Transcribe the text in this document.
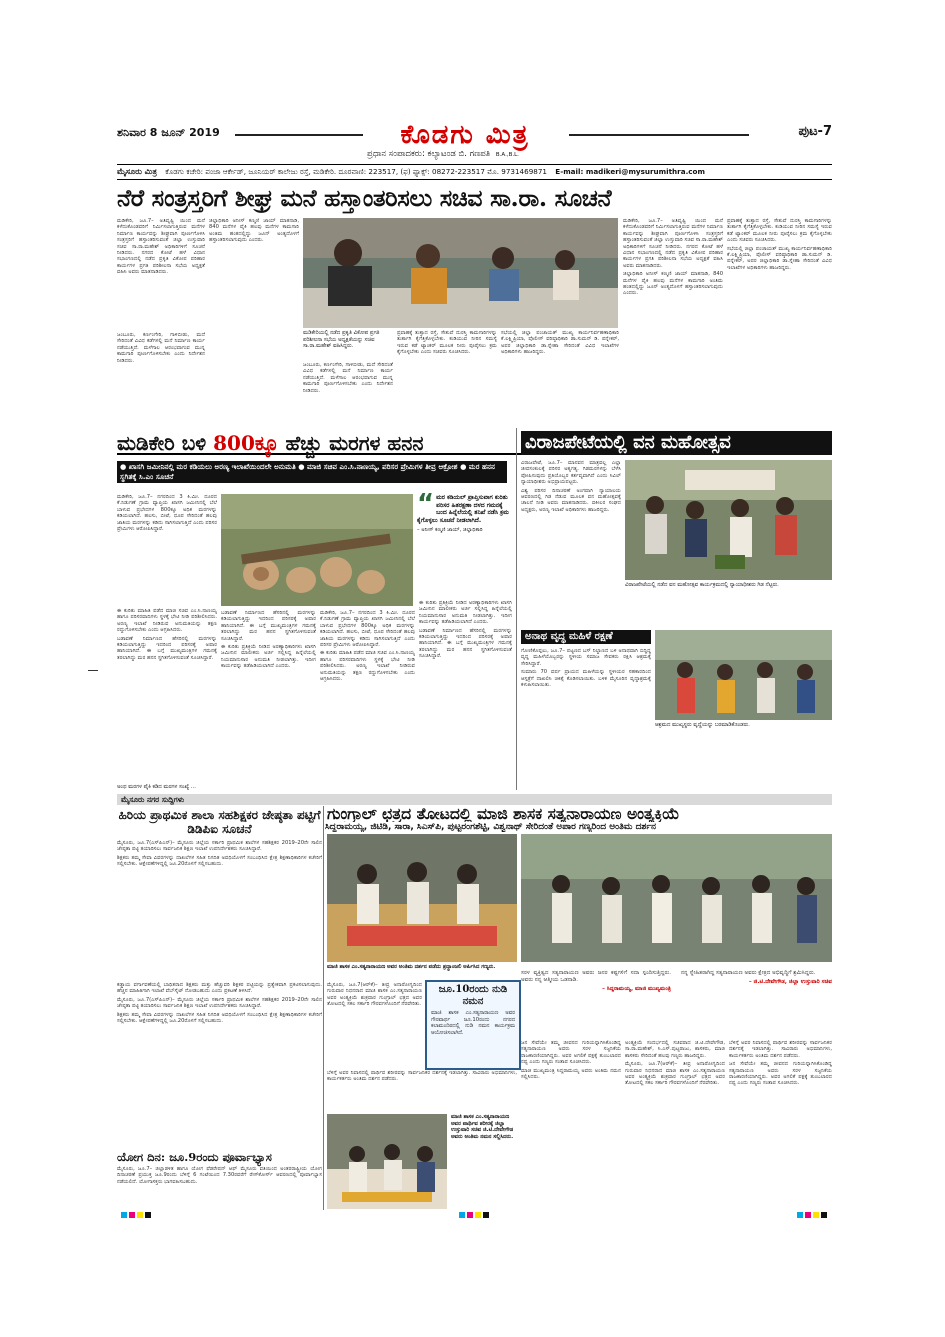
ಶನಿವಾರ 8 ಜೂನ್ 2019	ಕೊಡಗು ಮಿತ್ರ	ಪುಟ-7
ಪ್ರಧಾನ ಸಂಪಾದಕರು: ಕಲ್ಯಾಟಂಡ ಬಿ. ಗಣಪತಿ B.A.,B.L.
ಮೈಸೂರು ಮಿತ್ರ ಕೊಡಗು ಕಚೇರಿ: ಪಂಜಾ ಆರ್ಕೇಡ್, ಜೂನಿಯರ್ ಕಾಲೇಜು ರಸ್ತೆ, ಮಡಿಕೇರಿ. ದೂರವಾಣಿ: 223517, (ಫ) ಫ್ಯಾಕ್ಸ್: 08272-223517 ಮೊ. 9731469871 E-mail: madikeri@mysurumithra.com
ನೆರೆ ಸಂತ್ರಸ್ತರಿಗೆ ಶೀಘ್ರ ಮನೆ ಹಸ್ತಾಂತರಿಸಲು ಸಚಿವ ಸಾ.ರಾ. ಸೂಚನೆ

ಮಡಿಕೇರಿ, ಜೂ.7– ಅತಿವೃಷ್ಟಿ ಯಿಂದ ಮನೆ ಕಳೆದುಕೊಂಡವರಿಗೆ ನಿರ್ಮಿಸಲಾಗುತ್ತಿರುವ ಮನೆಗಳ ನಿರ್ಮಾಣ ಕಾರ್ಯವನ್ನು ಶೀಘ್ರವಾಗಿ ಪೂರ್ಣಗೊಳಿಸಿ ಸಂತ್ರಸ್ತರಿಗೆ ಹಸ್ತಾಂತರಿಸುವಂತೆ ಜಿಲ್ಲಾ ಉಸ್ತುವಾರಿ ಸಚಿವ ಸಾ.ರಾ.ಮಹೇಶ್ ಅಧಿಕಾರಿಗಳಿಗೆ ಸೂಚನೆ ನೀಡಿದರು. ನಗರದ ಕೋಟೆ ಹಳೆ ವಿಧಾನ ಸಭಾಂಗಣದಲ್ಲಿ ನಡೆದ ಪ್ರಕೃತಿ ವಿಕೋಪ ಪರಿಹಾರ ಕಾರ್ಯಗಳ ಪ್ರಗತಿ ಪರಿಶೀಲನಾ ಸಭೆಯ ಅಧ್ಯಕ್ಷತೆ ವಹಿಸಿ ಅವರು ಮಾತನಾಡಿದರು.

ಜಂಬೂರು, ಕರ್ಣಂಗೇರಿ, ಗಾಳಿಬೀಡು, ಮದೆ ಸೇರಿದಂತೆ ವಿವಿಧ ಕಡೆಗಳಲ್ಲಿ ಮನೆ ನಿರ್ಮಾಣ ಕಾರ್ಯ ನಡೆಯುತ್ತಿದೆ. ಮಳೆಗಾಲ ಆರಂಭವಾಗುವ ಮುನ್ನ ಕಾಮಗಾರಿ ಪೂರ್ಣಗೊಳಿಸಬೇಕು ಎಂದು ನಿರ್ದೇಶನ ನೀಡಿದರು.

ಜಿಲ್ಲಾಧಿಕಾರಿ ಅನೀಸ್ ಕಣ್ಮಣಿ ಜಾಯ್ ಮಾತನಾಡಿ, 840 ಮನೆಗಳ ಪೈಕಿ ಹಲವು ಮನೆಗಳ ಕಾಮಗಾರಿ ಅಂತಿಮ ಹಂತದಲ್ಲಿದ್ದು ಜೂನ್ ಅಂತ್ಯದೊಳಗೆ ಹಸ್ತಾಂತರಿಸಲಾಗುವುದು ಎಂದರು.

ಮಡಿಕೇರಿಯಲ್ಲಿ ನಡೆದ ಪ್ರಕೃತಿ ವಿಕೋಪ ಪ್ರಗತಿ ಪರಿಶೀಲನಾ ಸಭೆಯ ಅಧ್ಯಕ್ಷತೆಯನ್ನು ಸಚಿವ ಸಾ.ರಾ.ಮಹೇಶ್ ವಹಿಸಿದ್ದರು.

ಪ್ರವಾಹಕ್ಕೆ ತುತ್ತಾದ ರಸ್ತೆ, ಸೇತುವೆ ದುರಸ್ತಿ ಕಾಮಗಾರಿಗಳನ್ನು ತುರ್ತಾಗಿ ಕೈಗೆತ್ತಿಕೊಳ್ಳಬೇಕು. ಕುಡಿಯುವ ನೀರಿನ ಸಮಸ್ಯೆ ಇರುವ ಕಡೆ ಟ್ಯಾಂಕರ್ ಮೂಲಕ ನೀರು ಪೂರೈಸಲು ಕ್ರಮ ಕೈಗೊಳ್ಳಬೇಕು ಎಂದು ಸಚಿವರು ಸೂಚಿಸಿದರು.

ಜಂಬೂರು, ಕರ್ಣಂಗೇರಿ, ಗಾಳಿಬೀಡು, ಮದೆ ಸೇರಿದಂತೆ ವಿವಿಧ ಕಡೆಗಳಲ್ಲಿ ಮನೆ ನಿರ್ಮಾಣ ಕಾರ್ಯ ನಡೆಯುತ್ತಿದೆ. ಮಳೆಗಾಲ ಆರಂಭವಾಗುವ ಮುನ್ನ ಕಾಮಗಾರಿ ಪೂರ್ಣಗೊಳಿಸಬೇಕು ಎಂದು ನಿರ್ದೇಶನ ನೀಡಿದರು.

ಸಭೆಯಲ್ಲಿ ಜಿಲ್ಲಾ ಪಂಚಾಯತ್ ಮುಖ್ಯ ಕಾರ್ಯನಿರ್ವಹಣಾಧಿಕಾರಿ ಕೆ.ಲಕ್ಷ್ಮಿಪ್ರಿಯಾ, ಪೊಲೀಸ್ ವರಿಷ್ಠಾಧಿಕಾರಿ ಡಾ.ಸುಮನ್ ಡಿ. ಪನ್ನೇಕರ್, ಅಪರ ಜಿಲ್ಲಾಧಿಕಾರಿ ಡಾ.ಸ್ನೇಹಾ ಸೇರಿದಂತೆ ವಿವಿಧ ಇಲಾಖೆಗಳ ಅಧಿಕಾರಿಗಳು ಹಾಜರಿದ್ದರು.

ಮಡಿಕೇರಿ, ಜೂ.7– ಅತಿವೃಷ್ಟಿ ಯಿಂದ ಮನೆ ಕಳೆದುಕೊಂಡವರಿಗೆ ನಿರ್ಮಿಸಲಾಗುತ್ತಿರುವ ಮನೆಗಳ ನಿರ್ಮಾಣ ಕಾರ್ಯವನ್ನು ಶೀಘ್ರವಾಗಿ ಪೂರ್ಣಗೊಳಿಸಿ ಸಂತ್ರಸ್ತರಿಗೆ ಹಸ್ತಾಂತರಿಸುವಂತೆ ಜಿಲ್ಲಾ ಉಸ್ತುವಾರಿ ಸಚಿವ ಸಾ.ರಾ.ಮಹೇಶ್ ಅಧಿಕಾರಿಗಳಿಗೆ ಸೂಚನೆ ನೀಡಿದರು. ನಗರದ ಕೋಟೆ ಹಳೆ ವಿಧಾನ ಸಭಾಂಗಣದಲ್ಲಿ ನಡೆದ ಪ್ರಕೃತಿ ವಿಕೋಪ ಪರಿಹಾರ ಕಾರ್ಯಗಳ ಪ್ರಗತಿ ಪರಿಶೀಲನಾ ಸಭೆಯ ಅಧ್ಯಕ್ಷತೆ ವಹಿಸಿ ಅವರು ಮಾತನಾಡಿದರು.

ಜಿಲ್ಲಾಧಿಕಾರಿ ಅನೀಸ್ ಕಣ್ಮಣಿ ಜಾಯ್ ಮಾತನಾಡಿ, 840 ಮನೆಗಳ ಪೈಕಿ ಹಲವು ಮನೆಗಳ ಕಾಮಗಾರಿ ಅಂತಿಮ ಹಂತದಲ್ಲಿದ್ದು ಜೂನ್ ಅಂತ್ಯದೊಳಗೆ ಹಸ್ತಾಂತರಿಸಲಾಗುವುದು ಎಂದರು.

ಪ್ರವಾಹಕ್ಕೆ ತುತ್ತಾದ ರಸ್ತೆ, ಸೇತುವೆ ದುರಸ್ತಿ ಕಾಮಗಾರಿಗಳನ್ನು ತುರ್ತಾಗಿ ಕೈಗೆತ್ತಿಕೊಳ್ಳಬೇಕು. ಕುಡಿಯುವ ನೀರಿನ ಸಮಸ್ಯೆ ಇರುವ ಕಡೆ ಟ್ಯಾಂಕರ್ ಮೂಲಕ ನೀರು ಪೂರೈಸಲು ಕ್ರಮ ಕೈಗೊಳ್ಳಬೇಕು ಎಂದು ಸಚಿವರು ಸೂಚಿಸಿದರು.

ಸಭೆಯಲ್ಲಿ ಜಿಲ್ಲಾ ಪಂಚಾಯತ್ ಮುಖ್ಯ ಕಾರ್ಯನಿರ್ವಹಣಾಧಿಕಾರಿ ಕೆ.ಲಕ್ಷ್ಮಿಪ್ರಿಯಾ, ಪೊಲೀಸ್ ವರಿಷ್ಠಾಧಿಕಾರಿ ಡಾ.ಸುಮನ್ ಡಿ. ಪನ್ನೇಕರ್, ಅಪರ ಜಿಲ್ಲಾಧಿಕಾರಿ ಡಾ.ಸ್ನೇಹಾ ಸೇರಿದಂತೆ ವಿವಿಧ ಇಲಾಖೆಗಳ ಅಧಿಕಾರಿಗಳು ಹಾಜರಿದ್ದರು.

ಮಡಿಕೇರಿ ಬಳಿ 800ಕ್ಕೂ ಹೆಚ್ಚು ಮರಗಳ ಹನನ
● ಖಾಸಗಿ ಜಮೀನಿನಲ್ಲಿ ಮರ ಕಡಿಯಲು ಅರಣ್ಯ ಇಲಾಖೆಯಿಂದಲೇ ಅನುಮತಿ ● ಮಾಜಿ ಸಚಿವ ಎಂ.ಸಿ.ನಾಣಯ್ಯ, ಪರಿಸರ ಪ್ರೇಮಿಗಳ ತೀವ್ರ ಆಕ್ರೋಶ ● ಮರ ಹನನ ಸ್ಥಗಿತಕ್ಕೆ ಸಿ.ಎಂ ಸೂಚನೆ

ಮಡಿಕೇರಿ, ಜೂ.7– ನಗರದಿಂದ 3 ಕಿ.ಮೀ. ದೂರದ ಕೆ.ನಿಡುಗಣೆ ಗ್ರಾಮ ವ್ಯಾಪ್ತಿಯ ಖಾಸಗಿ ಜಮೀನಿನಲ್ಲಿ ಬೆಲೆ ಬಾಳುವ ಪ್ರಭೇದಗಳ 800ಕ್ಕೂ ಅಧಿಕ ಮರಗಳನ್ನು ಕಡಿಯಲಾಗಿದೆ. ಹಲಸು, ಬೀಟೆ, ಧೂಪ ಸೇರಿದಂತೆ ಹಲವು ಜಾತಿಯ ಮರಗಳನ್ನು ಕಡಿದು ಸಾಗಿಸಲಾಗುತ್ತಿದೆ ಎಂದು ಪರಿಸರ ಪ್ರೇಮಿಗಳು ಆರೋಪಿಸಿದ್ದಾರೆ.

“ ಮರ ಕಡಿಯಲ್ ಪ್ರಾಪ್ತಿಸುವಾಗ ಕುರಿತು ಪರಿಸರ ಹಿತರಕ್ಷಣಾ ದಳದ ಗಮನಕ್ಕೆ ಬಂದ ಹಿನ್ನೆಲೆಯಲ್ಲಿ ತನಿಖೆ ನಡೆಸಿ ಕ್ರಮ ಕೈಗೊಳ್ಳಲು ಸೂಚನೆ ನೀಡಲಾಗಿದೆ.
– ಅನೀಸ್ ಕಣ್ಮಣಿ ಜಾಯ್, ಜಿಲ್ಲಾಧಿಕಾರಿ

ಈ ಕುರಿತು ಮಾಹಿತಿ ಪಡೆದ ಮಾಜಿ ಸಚಿವ ಎಂ.ಸಿ.ನಾಣಯ್ಯ ಹಾಗೂ ಪರಿಸರವಾದಿಗಳು ಸ್ಥಳಕ್ಕೆ ಭೇಟಿ ನೀಡಿ ಪರಿಶೀಲಿಸಿದರು. ಅರಣ್ಯ ಇಲಾಖೆ ನೀಡಿರುವ ಅನುಮತಿಯನ್ನು ತಕ್ಷಣ ರದ್ದುಗೊಳಿಸಬೇಕು ಎಂದು ಆಗ್ರಹಿಸಿದರು.

ಬಡಾವಣೆ ನಿರ್ಮಾಣದ ಹೆಸರಿನಲ್ಲಿ ಮರಗಳನ್ನು ಕಡಿಯಲಾಗುತ್ತಿದ್ದು ಇದರಿಂದ ಪರಿಸರಕ್ಕೆ ಅಪಾರ ಹಾನಿಯಾಗಿದೆ. ಈ ಬಗ್ಗೆ ಮುಖ್ಯಮಂತ್ರಿಗಳ ಗಮನಕ್ಕೆ ತರಲಾಗಿದ್ದು ಮರ ಹನನ ಸ್ಥಗಿತಗೊಳಿಸುವಂತೆ ಸೂಚಿಸಿದ್ದಾರೆ.

ಬಡಾವಣೆ ನಿರ್ಮಾಣದ ಹೆಸರಿನಲ್ಲಿ ಮರಗಳನ್ನು ಕಡಿಯಲಾಗುತ್ತಿದ್ದು ಇದರಿಂದ ಪರಿಸರಕ್ಕೆ ಅಪಾರ ಹಾನಿಯಾಗಿದೆ. ಈ ಬಗ್ಗೆ ಮುಖ್ಯಮಂತ್ರಿಗಳ ಗಮನಕ್ಕೆ ತರಲಾಗಿದ್ದು ಮರ ಹನನ ಸ್ಥಗಿತಗೊಳಿಸುವಂತೆ ಸೂಚಿಸಿದ್ದಾರೆ.

ಈ ಕುರಿತು ಪ್ರತಿಕ್ರಿಯೆ ನೀಡಿದ ಅರಣ್ಯಾಧಿಕಾರಿಗಳು ಖಾಸಗಿ ಜಮೀನಿನ ಮಾಲೀಕರು ಅರ್ಜಿ ಸಲ್ಲಿಸಿದ್ದ ಹಿನ್ನೆಲೆಯಲ್ಲಿ ನಿಯಮಾನುಸಾರ ಅನುಮತಿ ನೀಡಲಾಗಿತ್ತು. ಇದೀಗ ಕಾರ್ಯವನ್ನು ತಡೆಹಿಡಿಯಲಾಗಿದೆ ಎಂದರು.

ಮಡಿಕೇರಿ, ಜೂ.7– ನಗರದಿಂದ 3 ಕಿ.ಮೀ. ದೂರದ ಕೆ.ನಿಡುಗಣೆ ಗ್ರಾಮ ವ್ಯಾಪ್ತಿಯ ಖಾಸಗಿ ಜಮೀನಿನಲ್ಲಿ ಬೆಲೆ ಬಾಳುವ ಪ್ರಭೇದಗಳ 800ಕ್ಕೂ ಅಧಿಕ ಮರಗಳನ್ನು ಕಡಿಯಲಾಗಿದೆ. ಹಲಸು, ಬೀಟೆ, ಧೂಪ ಸೇರಿದಂತೆ ಹಲವು ಜಾತಿಯ ಮರಗಳನ್ನು ಕಡಿದು ಸಾಗಿಸಲಾಗುತ್ತಿದೆ ಎಂದು ಪರಿಸರ ಪ್ರೇಮಿಗಳು ಆರೋಪಿಸಿದ್ದಾರೆ.

ಈ ಕುರಿತು ಮಾಹಿತಿ ಪಡೆದ ಮಾಜಿ ಸಚಿವ ಎಂ.ಸಿ.ನಾಣಯ್ಯ ಹಾಗೂ ಪರಿಸರವಾದಿಗಳು ಸ್ಥಳಕ್ಕೆ ಭೇಟಿ ನೀಡಿ ಪರಿಶೀಲಿಸಿದರು. ಅರಣ್ಯ ಇಲಾಖೆ ನೀಡಿರುವ ಅನುಮತಿಯನ್ನು ತಕ್ಷಣ ರದ್ದುಗೊಳಿಸಬೇಕು ಎಂದು ಆಗ್ರಹಿಸಿದರು.

ಈ ಕುರಿತು ಪ್ರತಿಕ್ರಿಯೆ ನೀಡಿದ ಅರಣ್ಯಾಧಿಕಾರಿಗಳು ಖಾಸಗಿ ಜಮೀನಿನ ಮಾಲೀಕರು ಅರ್ಜಿ ಸಲ್ಲಿಸಿದ್ದ ಹಿನ್ನೆಲೆಯಲ್ಲಿ ನಿಯಮಾನುಸಾರ ಅನುಮತಿ ನೀಡಲಾಗಿತ್ತು. ಇದೀಗ ಕಾರ್ಯವನ್ನು ತಡೆಹಿಡಿಯಲಾಗಿದೆ ಎಂದರು.

ಬಡಾವಣೆ ನಿರ್ಮಾಣದ ಹೆಸರಿನಲ್ಲಿ ಮರಗಳನ್ನು ಕಡಿಯಲಾಗುತ್ತಿದ್ದು ಇದರಿಂದ ಪರಿಸರಕ್ಕೆ ಅಪಾರ ಹಾನಿಯಾಗಿದೆ. ಈ ಬಗ್ಗೆ ಮುಖ್ಯಮಂತ್ರಿಗಳ ಗಮನಕ್ಕೆ ತರಲಾಗಿದ್ದು ಮರ ಹನನ ಸ್ಥಗಿತಗೊಳಿಸುವಂತೆ ಸೂಚಿಸಿದ್ದಾರೆ.

ಅಂಥ ಮರಗಳ ಪೈಕಿ ಕಡಿದ ಮರಗಳ ಸಂಖ್ಯೆ ...
ವಿರಾಜಪೇಟೆಯಲ್ಲಿ ವನ ಮಹೋತ್ಸವ

ವಿರಾಜಪೇಟೆ, ಜೂ.7– ಮಾನವನ ಮಾತ್ರವಲ್ಲ ಎಲ್ಲಾ ಜೀವಸಂಕುಲಕ್ಕೆ ಪರಿಸರ ಅತ್ಯಗತ್ಯ. ಗಿಡಮರಗಳನ್ನು ಬೆಳೆಸಿ ಪೋಷಿಸುವುದು ಪ್ರತಿಯೊಬ್ಬರ ಕರ್ತವ್ಯವಾಗಿದೆ ಎಂದು ಸಿವಿಲ್ ನ್ಯಾಯಾಧೀಶರು ಅಭಿಪ್ರಾಯಪಟ್ಟರು.

ವಿಶ್ವ ಪರಿಸರ ದಿನಾಚರಣೆ ಅಂಗವಾಗಿ ನ್ಯಾಯಾಲಯ ಆವರಣದಲ್ಲಿ ಗಿಡ ನೆಡುವ ಮೂಲಕ ವನ ಮಹೋತ್ಸವಕ್ಕೆ ಚಾಲನೆ ನೀಡಿ ಅವರು ಮಾತನಾಡಿದರು. ವಕೀಲರ ಸಂಘದ ಅಧ್ಯಕ್ಷರು, ಅರಣ್ಯ ಇಲಾಖೆ ಅಧಿಕಾರಿಗಳು ಹಾಜರಿದ್ದರು.

ವಿರಾಜಪೇಟೆಯಲ್ಲಿ ನಡೆದ ವನ ಮಹೋತ್ಸವ ಕಾರ್ಯಕ್ರಮದಲ್ಲಿ ನ್ಯಾಯಾಧೀಶರು ಗಿಡ ನೆಟ್ಟರು.
ಅನಾಥ ವೃದ್ಧ ಮಹಿಳೆ ರಕ್ಷಣೆ

ಗೋಣಿಕೊಪ್ಪಲು, ಜೂ.7– ಪಟ್ಟಣದ ಬಸ್ ನಿಲ್ದಾಣದ ಬಳಿ ಅನಾಥವಾಗಿ ಬಿದ್ದಿದ್ದ ವೃದ್ಧ ಮಹಿಳೆಯೊಬ್ಬರನ್ನು ಸ್ಥಳೀಯ ಸಮಾಜ ಸೇವಕರು ರಕ್ಷಿಸಿ ಆಶ್ರಮಕ್ಕೆ ಸೇರಿಸಿದ್ದಾರೆ.

ಸುಮಾರು 70 ವರ್ಷ ಪ್ರಾಯದ ಮಹಿಳೆಯನ್ನು ಸ್ಥಳೀಯರ ಸಹಕಾರದಿಂದ ಆಸ್ಪತ್ರೆಗೆ ದಾಖಲಿಸಿ ಚಿಕಿತ್ಸೆ ಕೊಡಿಸಲಾಯಿತು. ಬಳಿಕ ಮೈಸೂರಿನ ವೃದ್ಧಾಶ್ರಮಕ್ಕೆ ಕಳುಹಿಸಲಾಯಿತು.

ಆಶ್ರಮದ ಮುಖ್ಯಸ್ಥರು ವೃದ್ಧೆಯನ್ನು ಬರಮಾಡಿಕೊಂಡರು.
ಮೈಸೂರು ನಗರ ಸುದ್ದಿಗಳು
ಹಿರಿಯ ಪ್ರಾಥಮಿಕ ಶಾಲಾ ಸಹಶಿಕ್ಷಕರ ಜೇಷ್ಠತಾ ಪಟ್ಟಿಗೆ ಡಿಡಿಪಿಐ ಸೂಚನೆ

ಮೈಸೂರು, ಜೂ.7(ಎಸ್‌ಪಿಎನ್)– ಮೈಸೂರು ಜಿಲ್ಲೆಯ ಸರ್ಕಾರಿ ಪ್ರಾಥಮಿಕ ಶಾಲೆಗಳ ಸಹಶಿಕ್ಷಕರ 2019–20ನೇ ಸಾಲಿನ ಜೇಷ್ಠತಾ ಪಟ್ಟಿ ತಯಾರಿಸಲು ಸಾರ್ವಜನಿಕ ಶಿಕ್ಷಣ ಇಲಾಖೆ ಉಪನಿರ್ದೇಶಕರು ಸೂಚಿಸಿದ್ದಾರೆ.

ಶಿಕ್ಷಕರು ತಮ್ಮ ಸೇವಾ ವಿವರಗಳನ್ನು ದಾಖಲೆಗಳ ಸಹಿತ ನಿಗದಿತ ಅವಧಿಯೊಳಗೆ ಸಂಬಂಧಿಸಿದ ಕ್ಷೇತ್ರ ಶಿಕ್ಷಣಾಧಿಕಾರಿಗಳ ಕಚೇರಿಗೆ ಸಲ್ಲಿಸಬೇಕು. ಆಕ್ಷೇಪಣೆಗಳಿದ್ದಲ್ಲಿ ಜೂ.20ರೊಳಗೆ ಸಲ್ಲಿಸಬಹುದು.

ಕಡ್ಡಾಯ ವರ್ಗಾವಣೆಯಲ್ಲಿ ಬಾಧಿತರಾದ ಶಿಕ್ಷಕರು ಮತ್ತು ಹೆಚ್ಚುವರಿ ಶಿಕ್ಷಕರ ಪಟ್ಟಿಯನ್ನು ಪ್ರತ್ಯೇಕವಾಗಿ ಪ್ರಕಟಿಸಲಾಗುವುದು. ಹೆಚ್ಚಿನ ಮಾಹಿತಿಗಾಗಿ ಇಲಾಖೆ ವೆಬ್‌ಸೈಟ್ ನೋಡಬಹುದು ಎಂದು ಪ್ರಕಟಣೆ ತಿಳಿಸಿದೆ.

ಮೈಸೂರು, ಜೂ.7(ಎಸ್‌ಪಿಎನ್)– ಮೈಸೂರು ಜಿಲ್ಲೆಯ ಸರ್ಕಾರಿ ಪ್ರಾಥಮಿಕ ಶಾಲೆಗಳ ಸಹಶಿಕ್ಷಕರ 2019–20ನೇ ಸಾಲಿನ ಜೇಷ್ಠತಾ ಪಟ್ಟಿ ತಯಾರಿಸಲು ಸಾರ್ವಜನಿಕ ಶಿಕ್ಷಣ ಇಲಾಖೆ ಉಪನಿರ್ದೇಶಕರು ಸೂಚಿಸಿದ್ದಾರೆ.

ಶಿಕ್ಷಕರು ತಮ್ಮ ಸೇವಾ ವಿವರಗಳನ್ನು ದಾಖಲೆಗಳ ಸಹಿತ ನಿಗದಿತ ಅವಧಿಯೊಳಗೆ ಸಂಬಂಧಿಸಿದ ಕ್ಷೇತ್ರ ಶಿಕ್ಷಣಾಧಿಕಾರಿಗಳ ಕಚೇರಿಗೆ ಸಲ್ಲಿಸಬೇಕು. ಆಕ್ಷೇಪಣೆಗಳಿದ್ದಲ್ಲಿ ಜೂ.20ರೊಳಗೆ ಸಲ್ಲಿಸಬಹುದು.

ಯೋಗ ದಿನ: ಜೂ.9ರಂದು ಪೂರ್ವಾಭ್ಯಾಸ

ಮೈಸೂರು, ಜೂ.7– ಜಿಲ್ಲಾಡಳಿತ ಹಾಗೂ ಯೋಗ ಫೆಡರೇಷನ್ ಆಫ್ ಮೈಸೂರು ವತಿಯಿಂದ ಅಂತರರಾಷ್ಟ್ರೀಯ ಯೋಗ ದಿನಾಚರಣೆ ಪ್ರಯುಕ್ತ ಜೂ.9ರಂದು ಬೆಳಿಗ್ಗೆ 6 ಗಂಟೆಯಿಂದ 7.30ರವರೆಗೆ ರೇಸ್‌ಕೋರ್ಸ್ ಆವರಣದಲ್ಲಿ ಪೂರ್ವಾಭ್ಯಾಸ ನಡೆಯಲಿದೆ. ಯೋಗಾಸಕ್ತರು ಭಾಗವಹಿಸಬಹುದು.

ಗುಂಗ್ರಾಲ್ ಛತ್ರದ ತೋಟದಲ್ಲಿ ಮಾಜಿ ಶಾಸಕ ಸತ್ಯನಾರಾಯಣ ಅಂತ್ಯಕ್ರಿಯೆ
ಸಿದ್ದರಾಮಯ್ಯ, ಜಿಟಿಡಿ, ಸಾರಾ, ಸಿಎಸ್‌ಪಿ, ಪುಟ್ಟರಂಗಶೆಟ್ಟಿ, ವಿಶ್ವನಾಥ್ ಸೇರಿದಂತೆ ಅಪಾರ ಗಣ್ಯರಿಂದ ಅಂತಿಮ ದರ್ಶನ
ಮಾಜಿ ಶಾಸಕ ಎಂ.ಸತ್ಯನಾರಾಯಣ ಅವರ ಅಂತಿಮ ದರ್ಶನ ಪಡೆದು ಶ್ರದ್ಧಾಂಜಲಿ ಅರ್ಪಿಸಿದ ಗಣ್ಯರು.

ಮೈಸೂರು, ಜೂ.7(ಆರ್‌ಕೆ)– ತೀವ್ರ ಅನಾರೋಗ್ಯದಿಂದ ಗುರುವಾರ ನಿಧನರಾದ ಮಾಜಿ ಶಾಸಕ ಎಂ.ಸತ್ಯನಾರಾಯಣ ಅವರ ಅಂತ್ಯಕ್ರಿಯೆ ಶುಕ್ರವಾರ ಗುಂಗ್ರಾಲ್ ಛತ್ರದ ಅವರ ತೋಟದಲ್ಲಿ ಸಕಲ ಸರ್ಕಾರಿ ಗೌರವಗಳೊಂದಿಗೆ ನೆರವೇರಿತು.

ಜೂ.10ರಂದು ನುಡಿ ನಮನ
ಮಾಜಿ ಶಾಸಕ ಎಂ.ಸತ್ಯನಾರಾಯಣ ಅವರ ಗೌರವಾರ್ಥ ಜೂ.10ರಂದು ನಗರದ ಕಲಾಮಂದಿರದಲ್ಲಿ ನುಡಿ ನಮನ ಕಾರ್ಯಕ್ರಮ ಆಯೋಜಿಸಲಾಗಿದೆ.

ಸರಳ ವ್ಯಕ್ತಿತ್ವದ ಸತ್ಯನಾರಾಯಣ ಅವರು ಜನರ ಕಷ್ಟಗಳಿಗೆ ಸದಾ ಸ್ಪಂದಿಸುತ್ತಿದ್ದರು. ಅವರು ನನ್ನ ಆತ್ಮೀಯ ಒಡನಾಡಿ.

– ಸಿದ್ದರಾಮಯ್ಯ, ಮಾಜಿ ಮುಖ್ಯಮಂತ್ರಿ

ನನ್ನ ಸ್ನೇಹಿತರಾಗಿದ್ದ ಸತ್ಯನಾರಾಯಣ ಅವರು ಕ್ಷೇತ್ರದ ಅಭಿವೃದ್ಧಿಗೆ ಶ್ರಮಿಸಿದ್ದರು.

– ಜಿ.ಟಿ.ದೇವೇಗೌಡ, ಜಿಲ್ಲಾ ಉಸ್ತುವಾರಿ ಸಚಿವ

ಬೆಳಿಗ್ಗೆ ಅವರ ನಿವಾಸದಲ್ಲಿ ಪಾರ್ಥಿವ ಶರೀರವನ್ನು ಸಾರ್ವಜನಿಕರ ದರ್ಶನಕ್ಕೆ ಇಡಲಾಗಿತ್ತು. ಸಾವಿರಾರು ಅಭಿಮಾನಿಗಳು, ಕಾರ್ಯಕರ್ತರು ಅಂತಿಮ ದರ್ಶನ ಪಡೆದರು.

ಮಾಜಿ ಶಾಸಕ ಎಂ.ಸತ್ಯನಾರಾಯಣ ಅವರ ಪಾರ್ಥಿವ ಶರೀರಕ್ಕೆ ಜಿಲ್ಲಾ ಉಸ್ತುವಾರಿ ಸಚಿವ ಜಿ.ಟಿ.ದೇವೇಗೌಡ ಅವರು ಅಂತಿಮ ನಮನ ಸಲ್ಲಿಸಿದರು.

ಜನ ಸೇವೆಯೇ ತಮ್ಮ ಜೀವನದ ಗುರಿಯನ್ನಾಗಿಸಿಕೊಂಡಿದ್ದ ಸತ್ಯನಾರಾಯಣ ಅವರು ಸರಳ ಸಜ್ಜನಿಕೆಯ ರಾಜಕಾರಣಿಯಾಗಿದ್ದರು. ಅವರ ಅಗಲಿಕೆ ಪಕ್ಷಕ್ಕೆ ತುಂಬಲಾರದ ನಷ್ಟ ಎಂದು ಗಣ್ಯರು ಸಂತಾಪ ಸೂಚಿಸಿದರು.

ಮಾಜಿ ಮುಖ್ಯಮಂತ್ರಿ ಸಿದ್ದರಾಮಯ್ಯ ಅವರು ಅಂತಿಮ ನಮನ ಸಲ್ಲಿಸಿದರು.

ಅಂತ್ಯಕ್ರಿಯೆ ಸಂದರ್ಭದಲ್ಲಿ ಸಚಿವರಾದ ಜಿ.ಟಿ.ದೇವೇಗೌಡ, ಸಾ.ರಾ.ಮಹೇಶ್, ಸಿ.ಎಸ್.ಪುಟ್ಟರಾಜು, ಶಾಸಕರು, ಮಾಜಿ ಶಾಸಕರು ಸೇರಿದಂತೆ ಹಲವು ಗಣ್ಯರು ಹಾಜರಿದ್ದರು.

ಮೈಸೂರು, ಜೂ.7(ಆರ್‌ಕೆ)– ತೀವ್ರ ಅನಾರೋಗ್ಯದಿಂದ ಗುರುವಾರ ನಿಧನರಾದ ಮಾಜಿ ಶಾಸಕ ಎಂ.ಸತ್ಯನಾರಾಯಣ ಅವರ ಅಂತ್ಯಕ್ರಿಯೆ ಶುಕ್ರವಾರ ಗುಂಗ್ರಾಲ್ ಛತ್ರದ ಅವರ ತೋಟದಲ್ಲಿ ಸಕಲ ಸರ್ಕಾರಿ ಗೌರವಗಳೊಂದಿಗೆ ನೆರವೇರಿತು.

ಬೆಳಿಗ್ಗೆ ಅವರ ನಿವಾಸದಲ್ಲಿ ಪಾರ್ಥಿವ ಶರೀರವನ್ನು ಸಾರ್ವಜನಿಕರ ದರ್ಶನಕ್ಕೆ ಇಡಲಾಗಿತ್ತು. ಸಾವಿರಾರು ಅಭಿಮಾನಿಗಳು, ಕಾರ್ಯಕರ್ತರು ಅಂತಿಮ ದರ್ಶನ ಪಡೆದರು.

ಜನ ಸೇವೆಯೇ ತಮ್ಮ ಜೀವನದ ಗುರಿಯನ್ನಾಗಿಸಿಕೊಂಡಿದ್ದ ಸತ್ಯನಾರಾಯಣ ಅವರು ಸರಳ ಸಜ್ಜನಿಕೆಯ ರಾಜಕಾರಣಿಯಾಗಿದ್ದರು. ಅವರ ಅಗಲಿಕೆ ಪಕ್ಷಕ್ಕೆ ತುಂಬಲಾರದ ನಷ್ಟ ಎಂದು ಗಣ್ಯರು ಸಂತಾಪ ಸೂಚಿಸಿದರು.
